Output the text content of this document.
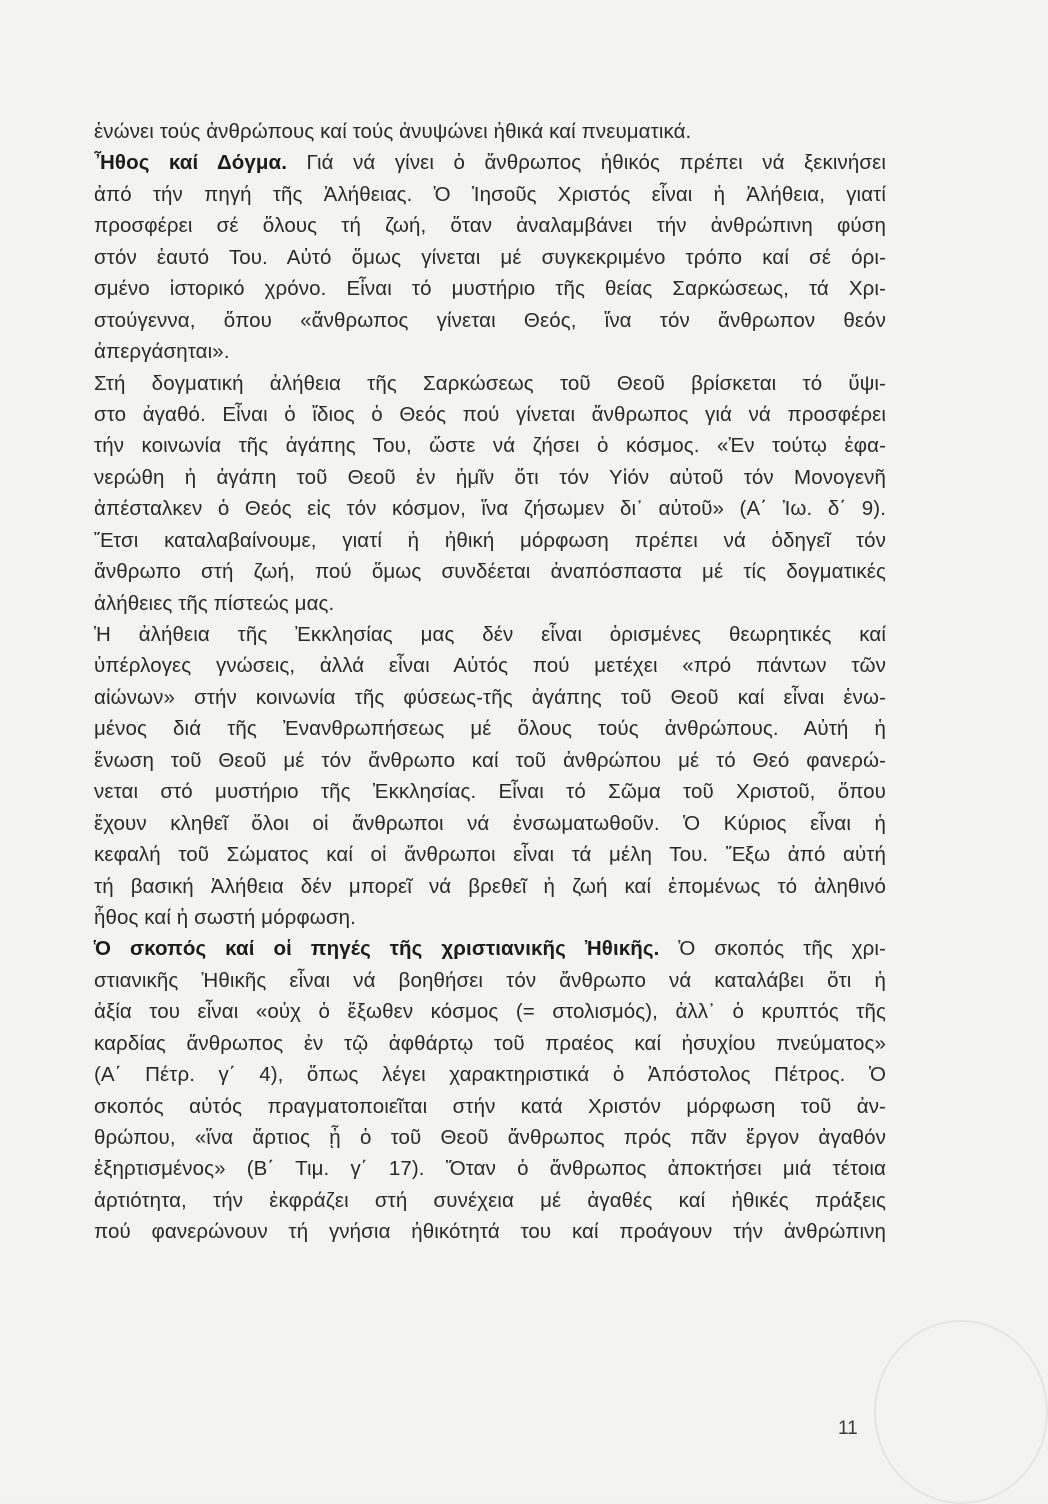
ἑνώνει τούς ἀνθρώπους καί τούς ἀνυψώνει ἠθικά καί πνευματικά.
Ἦθος καί Δόγμα. Γιά νά γίνει ὁ ἄνθρωπος ἠθικός πρέπει νά ξεκινήσει
ἀπό τήν πηγή τῆς Ἀλήθειας. Ὁ Ἰησοῦς Χριστός εἶναι ἡ Ἀλήθεια, γιατί
προσφέρει σέ ὅλους τή ζωή, ὅταν ἀναλαμβάνει τήν ἀνθρώπινη φύση
στόν ἑαυτό Του. Αὐτό ὅμως γίνεται μέ συγκεκριμένο τρόπο καί σέ όρι-
σμένο ἱστορικό χρόνο. Εἶναι τό μυστήριο τῆς θείας Σαρκώσεως, τά Χρι-
στούγεννα, ὅπου «ἄνθρωπος γίνεται Θεός, ἵνα τόν ἄνθρωπον θεόν
ἀπεργάσηται».
Στή δογματική ἀλήθεια τῆς Σαρκώσεως τοῦ Θεοῦ βρίσκεται τό ὕψι-
στο ἀγαθό. Εἶναι ὁ ἴδιος ὁ Θεός πού γίνεται ἄνθρωπος γιά νά προσφέρει
τήν κοινωνία τῆς ἀγάπης Του, ὥστε νά ζήσει ὁ κόσμος. «Ἐν τούτῳ ἐφα-
νερώθη ἡ ἀγάπη τοῦ Θεοῦ ἐν ἡμῖν ὅτι τόν Υἱόν αὐτοῦ τόν Μονογενῆ
ἀπέσταλκεν ὁ Θεός εἰς τόν κόσμον, ἵνα ζήσωμεν δι᾿ αὐτοῦ» (Α΄ Ἰω. δ΄ 9).
Ἔτσι καταλαβαίνουμε, γιατί ἡ ἠθική μόρφωση πρέπει νά ὁδηγεῖ τόν
ἄνθρωπο στή ζωή, πού ὅμως συνδέεται ἀναπόσπαστα μέ τίς δογματικές
ἀλήθειες τῆς πίστεώς μας.
Ἡ ἀλήθεια τῆς Ἐκκλησίας μας δέν εἶναι ὁρισμένες θεωρητικές καί
ὑπέρλογες γνώσεις, ἀλλά εἶναι Αὐτός πού μετέχει «πρό πάντων τῶν
αἰώνων» στήν κοινωνία τῆς φύσεως-τῆς ἀγάπης τοῦ Θεοῦ καί εἶναι ἑνω-
μένος διά τῆς Ἐνανθρωπήσεως μέ ὅλους τούς ἀνθρώπους. Αὐτή ἡ
ἕνωση τοῦ Θεοῦ μέ τόν ἄνθρωπο καί τοῦ ἀνθρώπου μέ τό Θεό φανερώ-
νεται στό μυστήριο τῆς Ἐκκλησίας. Εἶναι τό Σῶμα τοῦ Χριστοῦ, ὅπου
ἔχουν κληθεῖ ὅλοι οἱ ἄνθρωποι νά ἐνσωματωθοῦν. Ὁ Κύριος εἶναι ἡ
κεφαλή τοῦ Σώματος καί οἱ ἄνθρωποι εἶναι τά μέλη Του. Ἔξω ἀπό αὐτή
τή βασική Ἀλήθεια δέν μπορεῖ νά βρεθεῖ ἡ ζωή καί ἑπομένως τό ἀληθινό
ἦθος καί ἡ σωστή μόρφωση.
Ὁ σκοπός καί οἱ πηγές τῆς χριστιανικῆς Ἠθικῆς. Ὁ σκοπός τῆς χρι-
στιανικῆς Ἠθικῆς εἶναι νά βοηθήσει τόν ἄνθρωπο νά καταλάβει ὅτι ἡ
ἀξία του εἶναι «οὐχ ὁ ἔξωθεν κόσμος (= στολισμός), ἀλλ᾿ ὁ κρυπτός τῆς
καρδίας ἄνθρωπος ἐν τῷ ἀφθάρτῳ τοῦ πραέος καί ἡσυχίου πνεύματος»
(Α΄ Πέτρ. γ΄ 4), ὅπως λέγει χαρακτηριστικά ὁ Ἀπόστολος Πέτρος. Ὁ
σκοπός αὐτός πραγματοποιεῖται στήν κατά Χριστόν μόρφωση τοῦ ἀν-
θρώπου, «ἵνα ἄρτιος ᾖ ὁ τοῦ Θεοῦ ἄνθρωπος πρός πᾶν ἔργον ἀγαθόν
ἐξηρτισμένος» (Β΄ Τιμ. γ΄ 17). Ὅταν ὁ ἄνθρωπος ἀποκτήσει μιά τέτοια
ἀρτιότητα, τήν ἐκφράζει στή συνέχεια μέ ἀγαθές καί ἠθικές πράξεις
πού φανερώνουν τή γνήσια ἠθικότητά του καί προάγουν τήν ἀνθρώπινη
11
